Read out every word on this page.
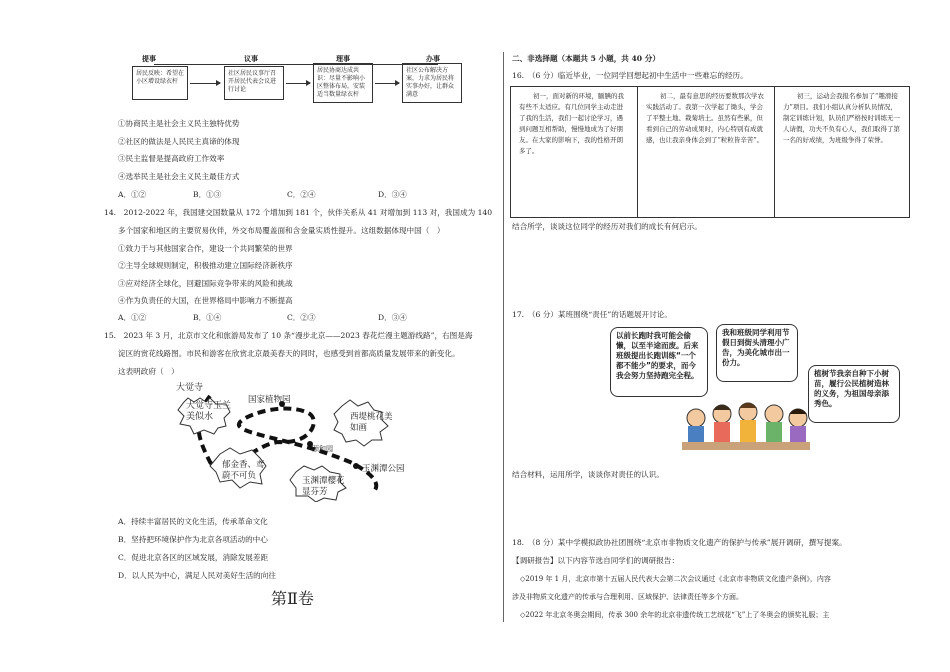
提事	议事	理事	办事
居民反映：希望在小区增设绿衣杆
社区居民议事厅召开居民代表会议进行讨论
居民协商达成共识：尽量不影响小区整体布局，安装适当数量绿衣杆
社区公布解决方案，力求为居民将实事办好，让群众满意
①协商民主是社会主义民主独特优势
②社区的做法是人民民主真谛的体现
③民主监督是提高政府工作效率
④选举民主是社会主义民主最佳方式
A．①②	B．①③	C．②④	D．③④
14.　2012-2022 年，我国建交国数量从 172 个增加到 181 个，伙伴关系从 41 对增加到 113 对，我国成为 140
多个国家和地区的主要贸易伙伴，外交布局覆盖面和含金量实质性提升。这组数据体现中国（　）
①致力于与其他国家合作，建设一个共同繁荣的世界
②主导全球规则制定，积极推动建立国际经济新秩序
③应对经济全球化，回避国际竞争带来的风险和挑战
④作为负责任的大国，在世界格局中影响力不断提高
A．①②	B．①④	C．②③	D．③④
15.　2023 年 3 月，北京市文化和旅游局发布了 10 条“漫步北京——2023 春花烂漫主题游线路”，右图是海
淀区的赏花线路图。市民和游客在欣赏北京最美春天的同时，也感受到首都高质量发展带来的新变化。
这表明政府（　）
大觉寺
大觉寺玉兰美似水
国家植物园
西堤桃花美如画
颐和园
郁金香、鸢蔚不可负	玉渊潭樱花显芬芳
玉渊潭公园
A．持续丰富居民的文化生活，传承革命文化
B．坚持把环境保护作为北京各项活动的中心
C．促进北京各区的区域发展，消除发展差距
D．以人民为中心，满足人民对美好生活的向往
第Ⅱ卷
二、非选择题（本题共 5 小题，共 40 分）
16.　（6 分）临近毕业，一位同学回想起初中生活中一些难忘的经历。
初一，面对新的环境，腼腆的我有些不太适应。有几位同学主动走进了我的生活，我们一起讨论学习，遇到问题互相帮助，慢慢地成为了好朋友。在大家的影响下，我的性格开朗多了。
初二，最有意思的经历要数那次学农实践活动了。我第一次学起了锄头，学会了平整土地、栽菊培土。虽然有些累，但看到自己的劳动成果时，内心特别有成就感，也让我亲身体会到了“粒粒皆辛苦”。
初三，运动会我报名参加了“趣滑接力”项目。我们小组认真分析队员情况，制定训练计划，队员们严格按时训练无一人请假，功夫不负有心人，我们取得了第一名的好成绩，为班级争得了荣誉。
结合所学，谈谈这位同学的经历对我们的成长有何启示。
17.　（6 分）某班围绕“责任”的话题展开讨论。
以前长跑时我可能会偷懒，以至半途而废。后来班级提出长跑训练“一个都不能少”的要求，而今我会努力坚持跑完全程。
我和班级同学利用节假日到街头清理小广告，为美化城市出一份力。
植树节我亲自种下小树苗，履行公民植树造林的义务，为祖国母亲添秀色。
结合材料，运用所学，谈谈你对责任的认识。
18.　（8 分）某中学模拟政协社团围绕“北京市非物质文化遗产的保护与传承”展开调研，撰写提案。
【调研报告】以下内容节选自同学们的调研报告：
◇2019 年 1 月，北京市第十五届人民代表大会第二次会议通过《北京市非物质文化遗产条例》，内容
涉及非物质文化遗产的传承与合理利用、区域保护、法律责任等多个方面。
◇2022 年北京冬奥会期间，传承 300 余年的北京非遗传统工艺绒花“飞”上了冬奥会的颁奖礼服；主
